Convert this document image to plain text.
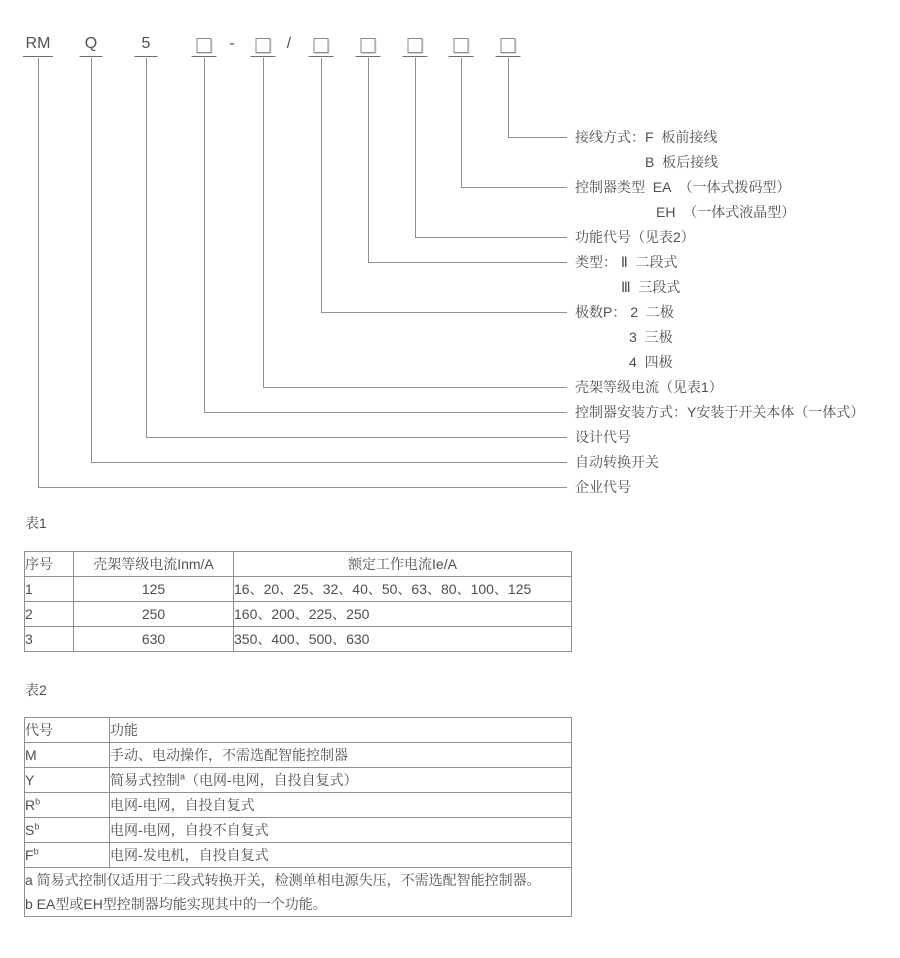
RM Q	5	-	/
接线方式：F  板前接线
B  板后接线
控制器类型  EA  （一体式拨码型）
EH  （一体式液晶型）
功能代号（见表2）
类型： Ⅱ  二段式
Ⅲ  三段式
极数P： 2  二极
3  三极
4  四极
壳架等级电流（见表1）
控制器安装方式：Y安装于开关本体（一体式）
设计代号
自动转换开关
企业代号
表1
序号	壳架等级电流Inm/A	额定工作电流Ie/A
1	125	16、20、25、32、40、50、63、80、100、125
2	250	160、200、225、250
3	630	350、400、500、630
表2
代号	功能
M	手动、电动操作，不需选配智能控制器
Y	简易式控制$^a$（电网-电网，自投自复式）
$R^b$	电网-电网，自投自复式
$S^b$	电网-电网，自投不自复式
$F^b$	电网-发电机，自投自复式

a 简易式控制仅适用于二段式转换开关，检测单相电源失压，不需选配智能控制器。
b EA型或EH型控制器均能实现其中的一个功能。	
